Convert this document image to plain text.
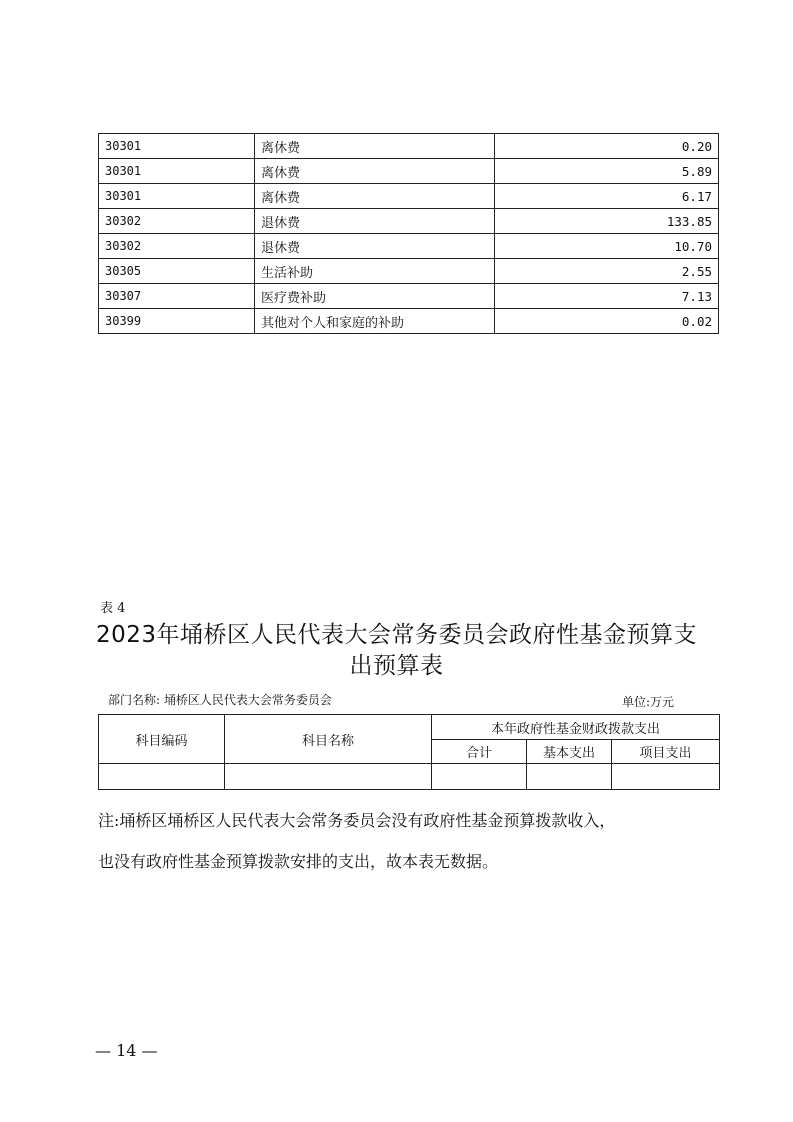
30301	离休费	0.20
30301	离休费	5.89
30301	离休费	6.17
30302	退休费	133.85
30302	退休费	10.70
30305	生活补助	2.55
30307	医疗费补助	7.13
30399	其他对个人和家庭的补助	0.02
表 4
2023年埇桥区人民代表大会常务委员会政府性基金预算支
出预算表
部门名称: 埇桥区人民代表大会常务委员会	单位:万元
科目编码	科目名称	本年政府性基金财政拨款支出		
		合计	基本支出	项目支出

注:埇桥区埇桥区人民代表大会常务委员会没有政府性基金预算拨款收入，
也没有政府性基金预算拨款安排的支出，故本表无数据。
— 14 —
